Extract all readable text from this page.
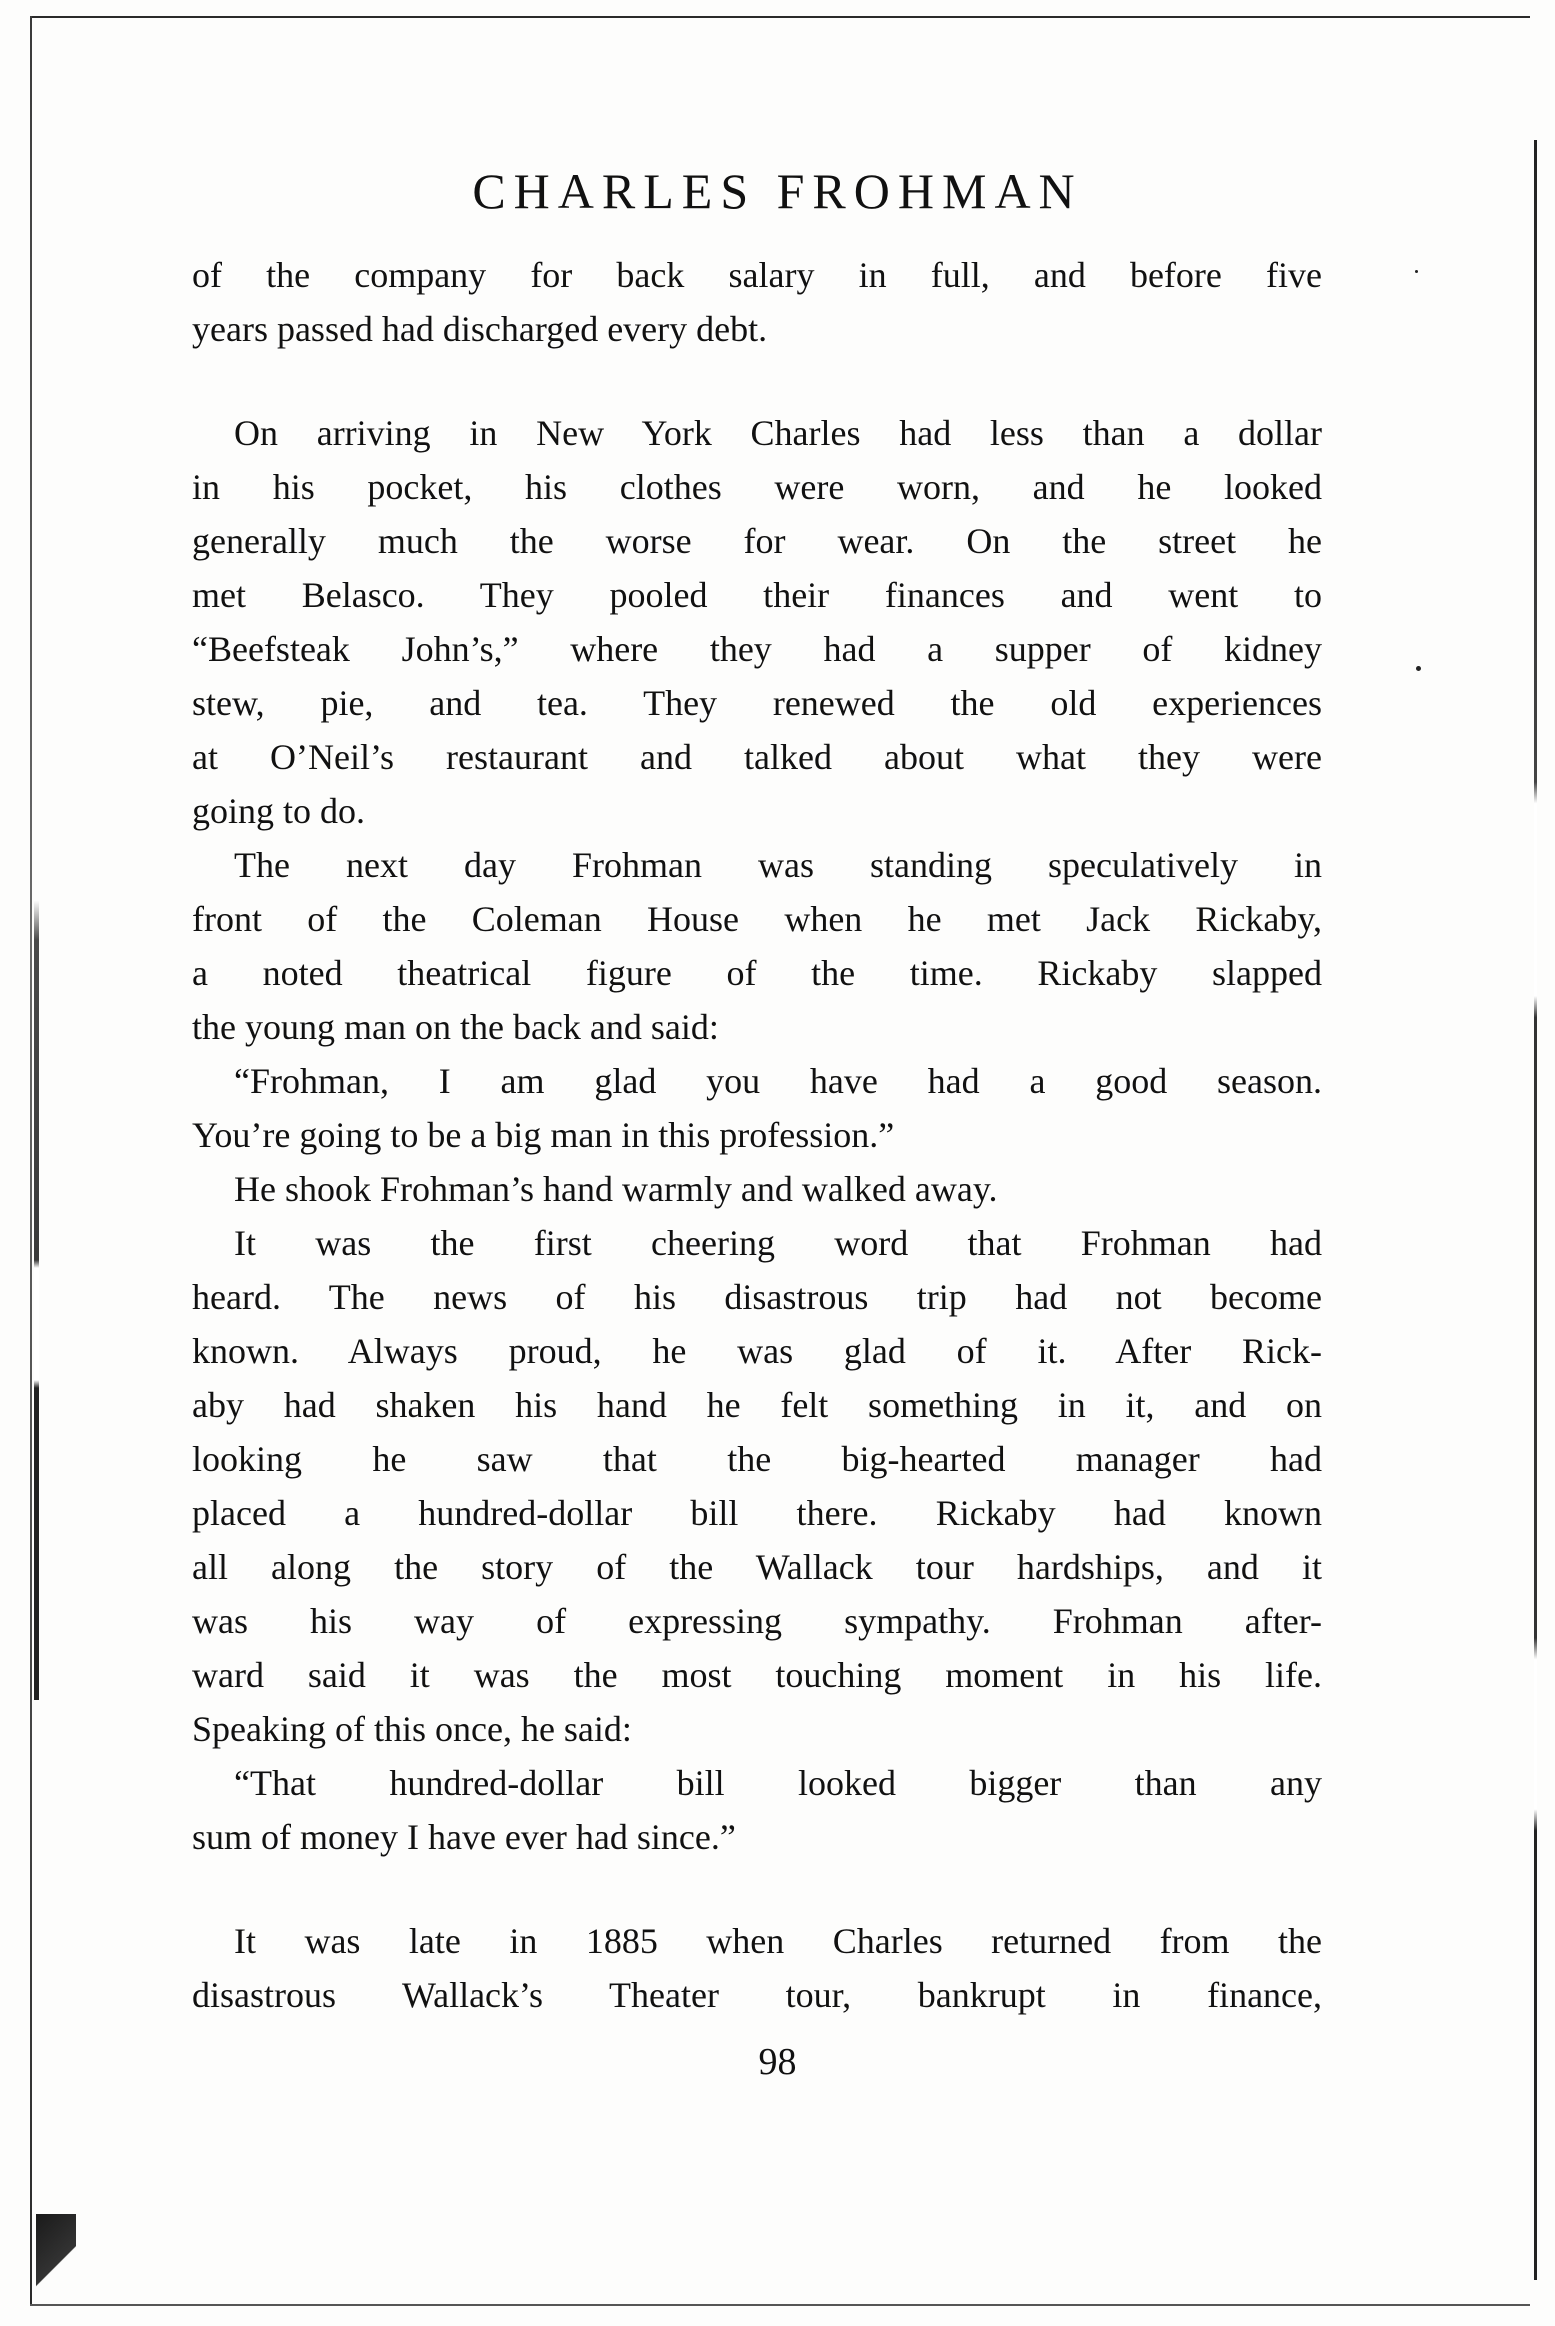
CHARLES FROHMAN
of the company for back salary in full, and before five
years passed had discharged every debt.
On arriving in New York Charles had less than a dollar
in his pocket, his clothes were worn, and he looked
generally much the worse for wear. On the street he
met Belasco. They pooled their finances and went to
“Beefsteak John’s,” where they had a supper of kidney
stew, pie, and tea. They renewed the old experiences
at O’Neil’s restaurant and talked about what they were
going to do.
The next day Frohman was standing speculatively in
front of the Coleman House when he met Jack Rickaby,
a noted theatrical figure of the time. Rickaby slapped
the young man on the back and said:
“Frohman, I am glad you have had a good season.
You’re going to be a big man in this profession.”
He shook Frohman’s hand warmly and walked away.
It was the first cheering word that Frohman had
heard. The news of his disastrous trip had not become
known. Always proud, he was glad of it. After Rick-
aby had shaken his hand he felt something in it, and on
looking he saw that the big-hearted manager had
placed a hundred-dollar bill there. Rickaby had known
all along the story of the Wallack tour hardships, and it
was his way of expressing sympathy. Frohman after-
ward said it was the most touching moment in his life.
Speaking of this once, he said:
“That hundred-dollar bill looked bigger than any
sum of money I have ever had since.”
It was late in 1885 when Charles returned from the
disastrous Wallack’s Theater tour, bankrupt in finance,
98
